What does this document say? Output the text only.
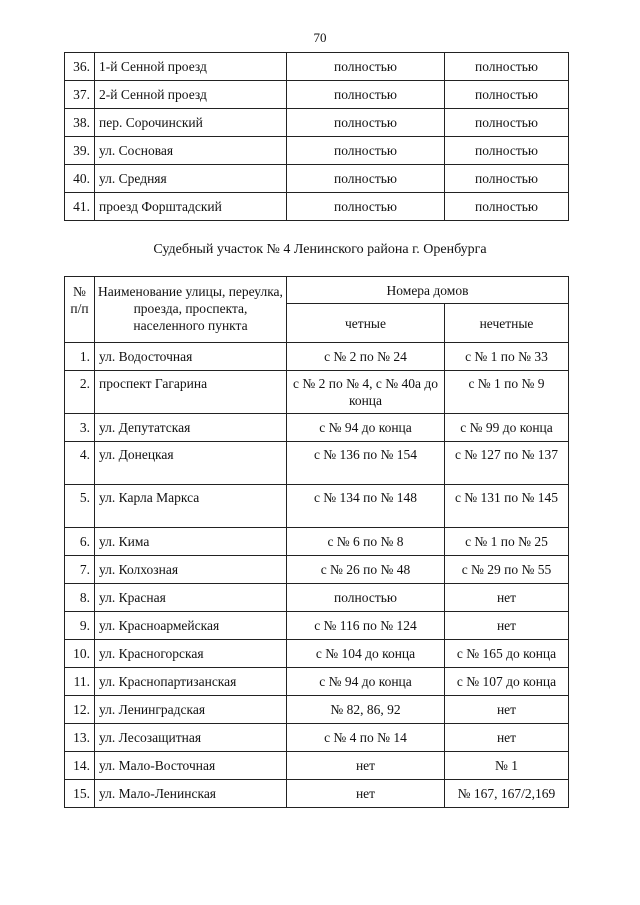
70
36.	1-й Сенной проезд	полностью	полностью
37.	2-й Сенной проезд	полностью	полностью
38.	пер. Сорочинский	полностью	полностью
39.	ул. Сосновая	полностью	полностью
40.	ул. Средняя	полностью	полностью
41.	проезд Форштадский	полностью	полностью
Судебный участок № 4 Ленинского района г. Оренбурга
№ п/п	Наименование улицы, переулка, проезда, проспекта, населенного пункта	Номера домов	
		четные	нечетные
1.	ул. Водосточная	с № 2 по № 24	с № 1 по № 33
2.	проспект Гагарина	с № 2 по № 4, с № 40а до конца	с № 1 по № 9
3.	ул. Депутатская	с № 94 до конца	с № 99 до конца
4.	ул. Донецкая	с № 136 по № 154	с № 127 по № 137
5.	ул. Карла Маркса	с № 134 по № 148	с № 131 по № 145
6.	ул. Кима	с № 6 по № 8	с № 1 по № 25
7.	ул. Колхозная	с № 26 по № 48	с № 29 по № 55
8.	ул. Красная	полностью	нет
9.	ул. Красноармейская	с № 116 по № 124	нет
10.	ул. Красногорская	с № 104 до конца	с № 165 до конца
11.	ул. Краснопартизанская	с № 94 до конца	с № 107 до конца
12.	ул. Ленинградская	№ 82, 86, 92	нет
13.	ул. Лесозащитная	с № 4 по № 14	нет
14.	ул. Мало-Восточная	нет	№ 1
15.	ул. Мало-Ленинская	нет	№ 167, 167/2,169
